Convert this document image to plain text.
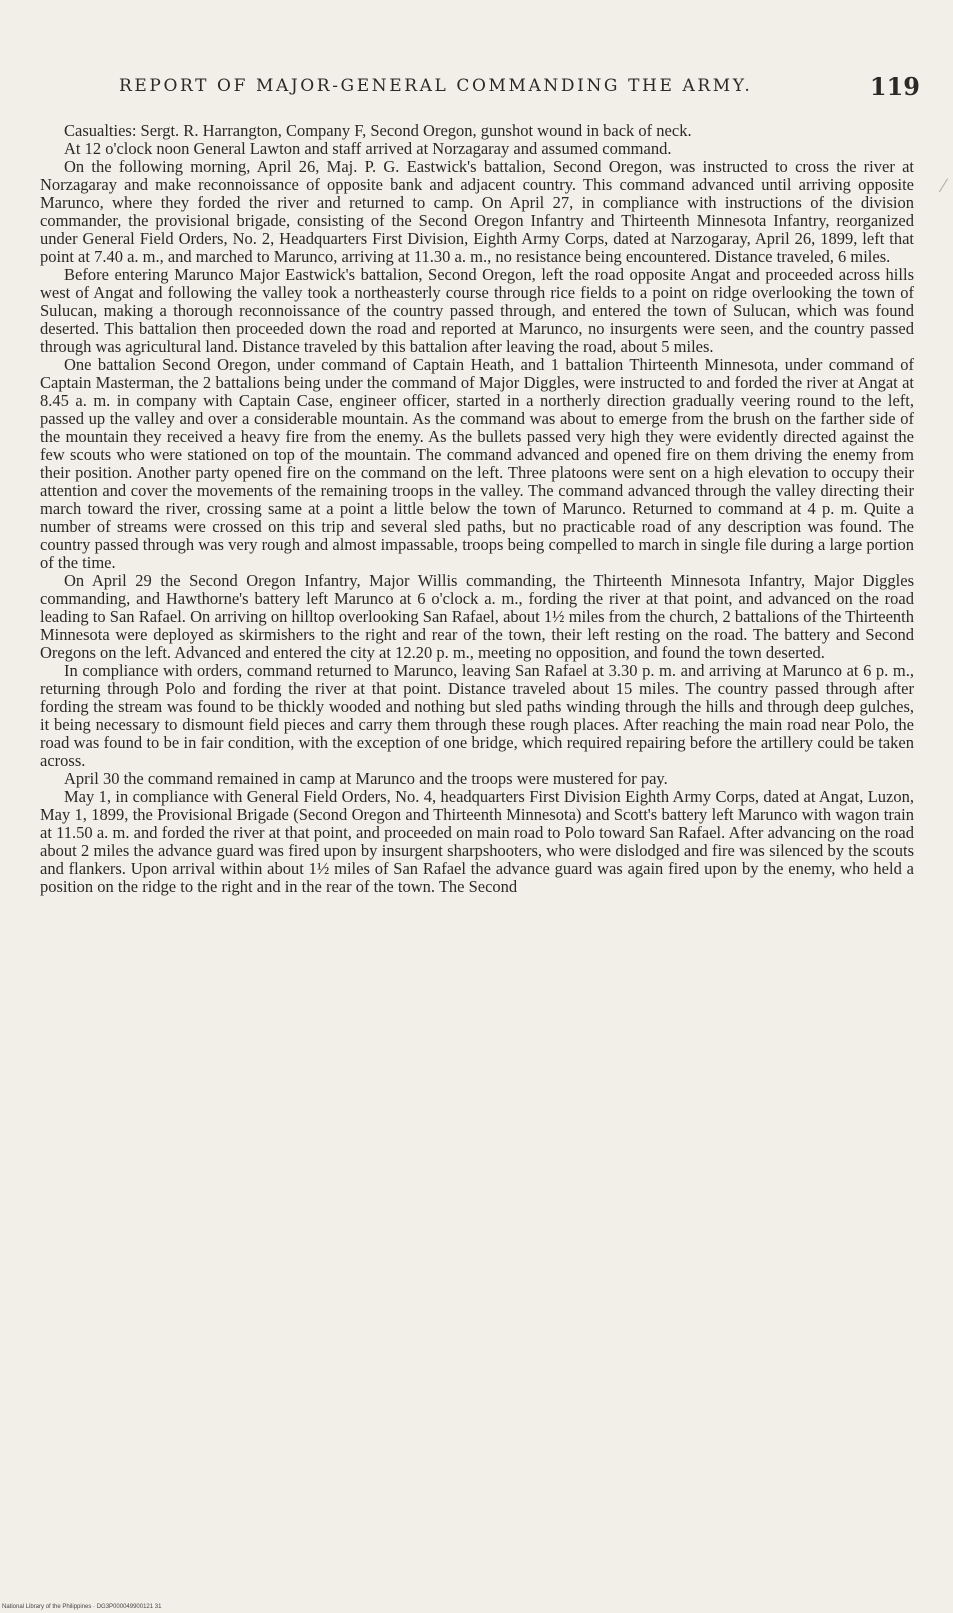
REPORT OF MAJOR-GENERAL COMMANDING THE ARMY.	119
⁄

Casualties: Sergt. R. Harrangton, Company F, Second Oregon, gunshot wound in back of neck.

At 12 o'clock noon General Lawton and staff arrived at Norzagaray and assumed command.

On the following morning, April 26, Maj. P. G. Eastwick's battalion, Second Oregon, was instructed to cross the river at Norzagaray and make reconnoissance of opposite bank and adjacent country. This command advanced until arriving opposite Marunco, where they forded the river and returned to camp. On April 27, in compliance with instructions of the division commander, the provisional brigade, consisting of the Second Oregon Infantry and Thirteenth Minnesota Infantry, reorganized under General Field Orders, No. 2, Headquarters First Division, Eighth Army Corps, dated at Narzogaray, April 26, 1899, left that point at 7.40 a. m., and marched to Marunco, arriving at 11.30 a. m., no resistance being encountered. Distance traveled, 6 miles.

Before entering Marunco Major Eastwick's battalion, Second Oregon, left the road opposite Angat and proceeded across hills west of Angat and following the valley took a northeasterly course through rice fields to a point on ridge overlooking the town of Sulucan, making a thorough reconnoissance of the country passed through, and entered the town of Sulucan, which was found deserted. This battalion then proceeded down the road and reported at Marunco, no insurgents were seen, and the country passed through was agricultural land. Distance traveled by this battalion after leaving the road, about 5 miles.

One battalion Second Oregon, under command of Captain Heath, and 1 battalion Thirteenth Minnesota, under command of Captain Masterman, the 2 battalions being under the command of Major Diggles, were instructed to and forded the river at Angat at 8.45 a. m. in company with Captain Case, engineer officer, started in a northerly direction gradually veering round to the left, passed up the valley and over a considerable mountain. As the command was about to emerge from the brush on the farther side of the mountain they received a heavy fire from the enemy. As the bullets passed very high they were evidently directed against the few scouts who were stationed on top of the mountain. The command advanced and opened fire on them driving the enemy from their position. Another party opened fire on the command on the left. Three platoons were sent on a high elevation to occupy their attention and cover the movements of the remaining troops in the valley. The command advanced through the valley directing their march toward the river, crossing same at a point a little below the town of Marunco. Returned to command at 4 p. m. Quite a number of streams were crossed on this trip and several sled paths, but no practicable road of any description was found. The country passed through was very rough and almost impassable, troops being compelled to march in single file during a large portion of the time.

On April 29 the Second Oregon Infantry, Major Willis commanding, the Thirteenth Minnesota Infantry, Major Diggles commanding, and Hawthorne's battery left Marunco at 6 o'clock a. m., fording the river at that point, and advanced on the road leading to San Rafael. On arriving on hilltop overlooking San Rafael, about 1½ miles from the church, 2 battalions of the Thirteenth Minnesota were deployed as skirmishers to the right and rear of the town, their left resting on the road. The battery and Second Oregons on the left. Advanced and entered the city at 12.20 p. m., meeting no opposition, and found the town deserted.

In compliance with orders, command returned to Marunco, leaving San Rafael at 3.30 p. m. and arriving at Marunco at 6 p. m., returning through Polo and fording the river at that point. Distance traveled about 15 miles. The country passed through after fording the stream was found to be thickly wooded and nothing but sled paths winding through the hills and through deep gulches, it being necessary to dismount field pieces and carry them through these rough places. After reaching the main road near Polo, the road was found to be in fair condition, with the exception of one bridge, which required repairing before the artillery could be taken across.

April 30 the command remained in camp at Marunco and the troops were mustered for pay.

May 1, in compliance with General Field Orders, No. 4, headquarters First Division Eighth Army Corps, dated at Angat, Luzon, May 1, 1899, the Provisional Brigade (Second Oregon and Thirteenth Minnesota) and Scott's battery left Marunco with wagon train at 11.50 a. m. and forded the river at that point, and proceeded on main road to Polo toward San Rafael. After advancing on the road about 2 miles the advance guard was fired upon by insurgent sharpshooters, who were dislodged and fire was silenced by the scouts and flankers. Upon arrival within about 1½ miles of San Rafael the advance guard was again fired upon by the enemy, who held a position on the ridge to the right and in the rear of the town. The Second

National Library of the Philippines · DG3P000049900121 31
